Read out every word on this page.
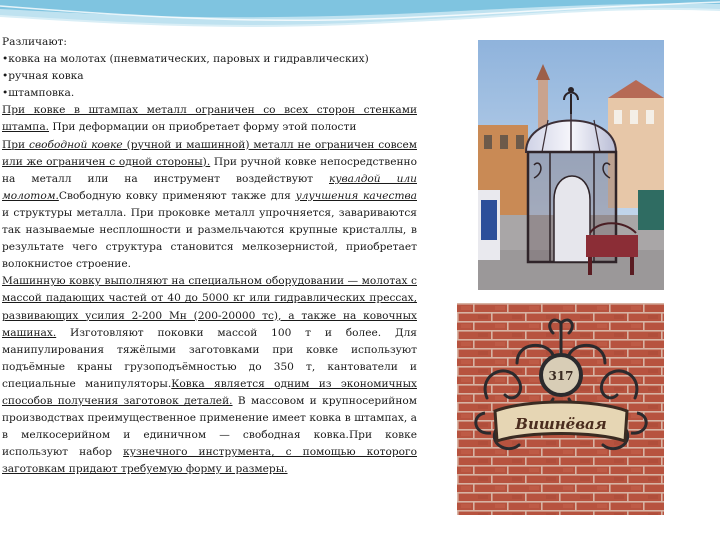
Различают:

•ковка на молотах (пневматических, паровых и гидравлических)

•ручная ковка

•штамповка.

При ковке в штампах металл ограничен со всех сторон стенками штампа. При деформации он приобретает форму этой полости

При свободной ковке (ручной и машинной) металл не ограничен совсем или же ограничен с одной стороны). При ручной ковке непосредственно на металл или на инструмент воздействуют кувалдой или молотом.Свободную ковку применяют также для улучшения качества и структуры металла. При проковке металл упрочняется, завариваются так называемые несплошности и размельчаются крупные кристаллы, в результате чего структура становится мелкозернистой, приобретает волокнистое строение.

Машинную ковку выполняют на специальном оборудовании — молотах с массой падающих частей от 40 до 5000 кг или гидравлических прессах, развивающих усилия 2-200 Мн (200-20000 тс), а также на ковочных машинах. Изготовляют поковки массой 100 т и более. Для манипулирования тяжёлыми заготовками при ковке используют подъёмные краны грузоподъёмностью до 350 т, кантователи и специальные манипуляторы.Ковка является одним из экономичных способов получения заготовок деталей. В массовом и крупносерийном производствах преимущественное применение имеет ковка в штампах, а в мелкосерийном и единичном — свободная ковка.При ковке используют набор кузнечного инструмента, с помощью которого заготовкам придают требуемую форму и размеры.

317
Вишнёвая
